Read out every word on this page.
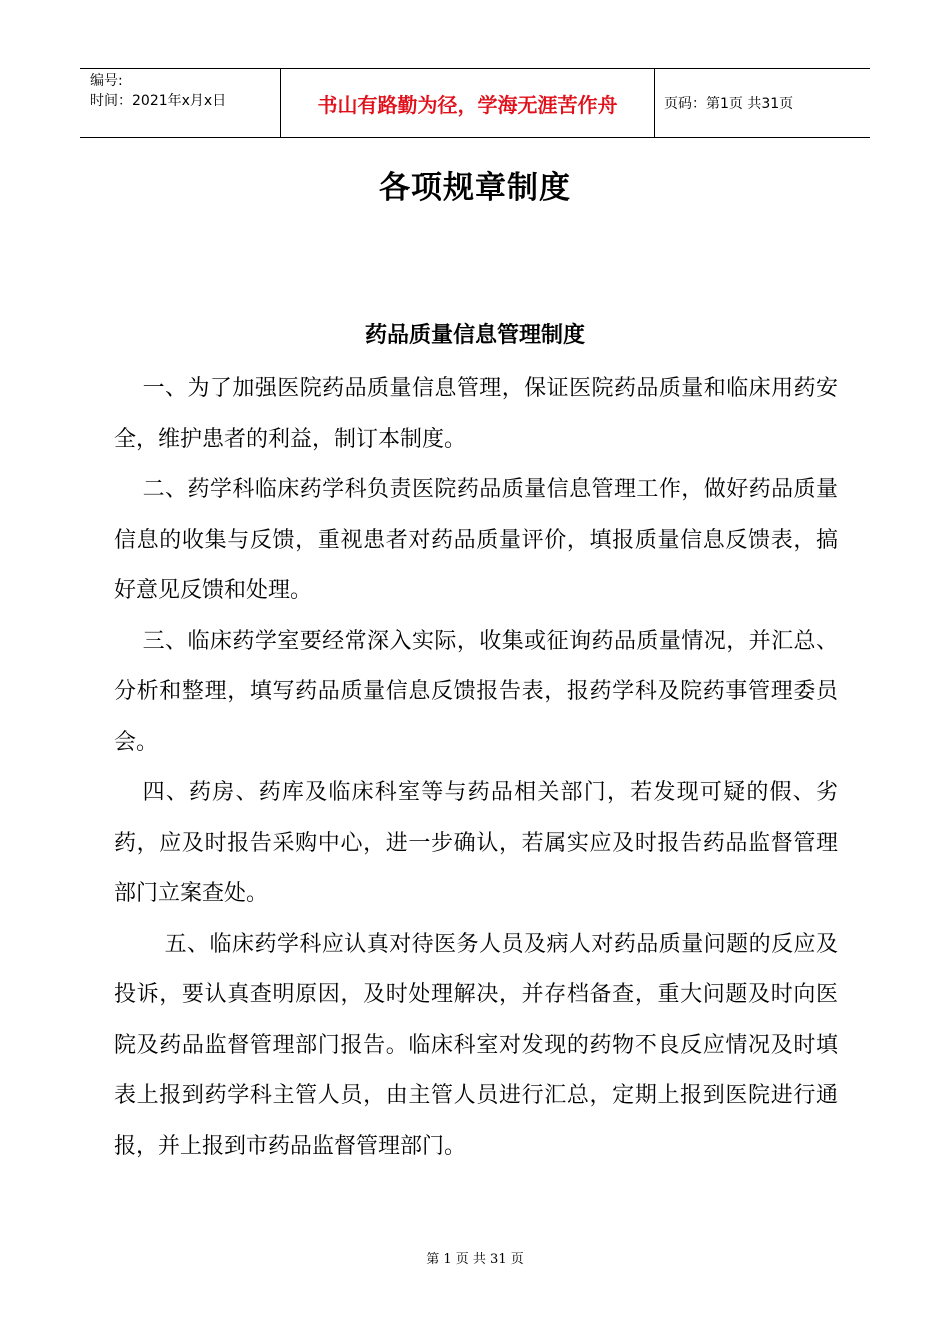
编号:
时间：2021年x月x日	书山有路勤为径，学海无涯苦作舟	页码：第1页 共31页
各项规章制度
药品质量信息管理制度

一、为了加强医院药品质量信息管理，保证医院药品质量和临床用药安全，维护患者的利益，制订本制度。

二、药学科临床药学科负责医院药品质量信息管理工作，做好药品质量信息的收集与反馈，重视患者对药品质量评价，填报质量信息反馈表，搞好意见反馈和处理。

三、临床药学室要经常深入实际，收集或征询药品质量情况，并汇总、分析和整理，填写药品质量信息反馈报告表，报药学科及院药事管理委员会。

四、药房、药库及临床科室等与药品相关部门，若发现可疑的假、劣药，应及时报告采购中心，进一步确认，若属实应及时报告药品监督管理部门立案查处。

五、临床药学科应认真对待医务人员及病人对药品质量问题的反应及投诉，要认真查明原因，及时处理解决，并存档备查，重大问题及时向医院及药品监督管理部门报告。临床科室对发现的药物不良反应情况及时填表上报到药学科主管人员，由主管人员进行汇总，定期上报到医院进行通报，并上报到市药品监督管理部门。

第 1 页 共 31 页
